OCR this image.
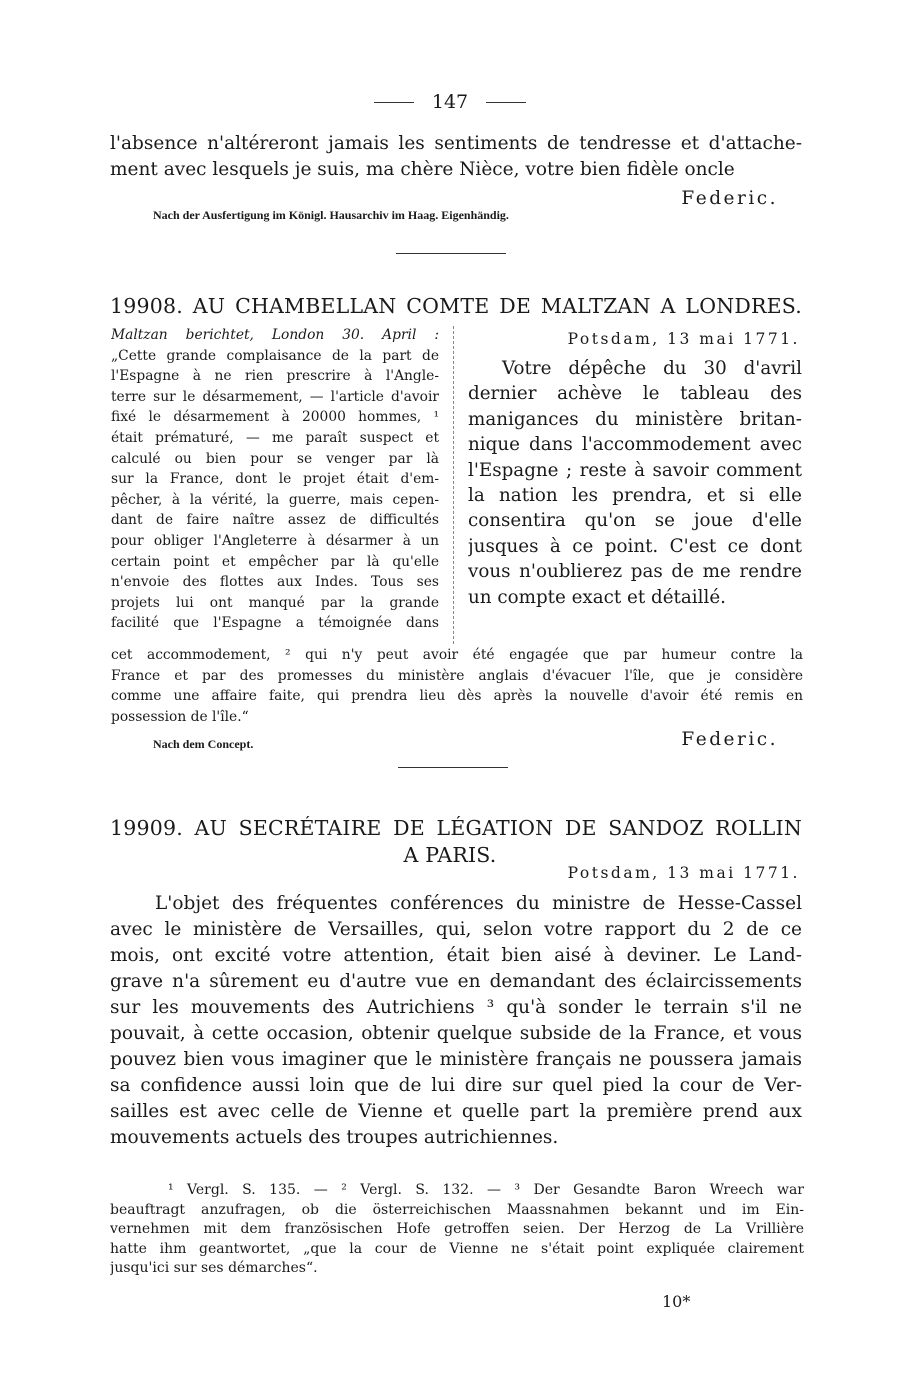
147
l'absence n'altéreront jamais les sentiments de tendresse et d'attache-
ment avec lesquels je suis, ma chère Nièce, votre bien fidèle oncle
Federic.
Nach der Ausfertigung im Königl. Hausarchiv im Haag. Eigenhändig.
19908. AU CHAMBELLAN COMTE DE MALTZAN A LONDRES.
Maltzan berichtet, London 30. April :
„Cette grande complaisance de la part de
l'Espagne à ne rien prescrire à l'Angle-
terre sur le désarmement, — l'article d'avoir
fixé le désarmement à 20000 hommes, ¹
était prématuré, — me paraît suspect et
calculé ou bien pour se venger par là
sur la France, dont le projet était d'em-
pêcher, à la vérité, la guerre, mais cepen-
dant de faire naître assez de difficultés
pour obliger l'Angleterre à désarmer à un
certain point et empêcher par là qu'elle
n'envoie des flottes aux Indes. Tous ses
projets lui ont manqué par la grande
facilité que l'Espagne a témoignée dans
Potsdam, 13 mai 1771.
Votre dépêche du 30 d'avril
dernier achève le tableau des
manigances du ministère britan-
nique dans l'accommodement avec
l'Espagne ; reste à savoir comment
la nation les prendra, et si elle
consentira qu'on se joue d'elle
jusques à ce point. C'est ce dont
vous n'oublierez pas de me rendre
un compte exact et détaillé.
cet accommodement, ² qui n'y peut avoir été engagée que par humeur contre la
France et par des promesses du ministère anglais d'évacuer l'île, que je considère
comme une affaire faite, qui prendra lieu dès après la nouvelle d'avoir été remis en
possession de l'île.“
Nach dem Concept.	Federic.
19909. AU SECRÉTAIRE DE LÉGATION DE SANDOZ ROLLIN
A PARIS.
Potsdam, 13 mai 1771.
L'objet des fréquentes conférences du ministre de Hesse-Cassel
avec le ministère de Versailles, qui, selon votre rapport du 2 de ce
mois, ont excité votre attention, était bien aisé à deviner. Le Land-
grave n'a sûrement eu d'autre vue en demandant des éclaircissements
sur les mouvements des Autrichiens ³ qu'à sonder le terrain s'il ne
pouvait, à cette occasion, obtenir quelque subside de la France, et vous
pouvez bien vous imaginer que le ministère français ne poussera jamais
sa confidence aussi loin que de lui dire sur quel pied la cour de Ver-
sailles est avec celle de Vienne et quelle part la première prend aux
mouvements actuels des troupes autrichiennes.
¹ Vergl. S. 135. — ² Vergl. S. 132. — ³ Der Gesandte Baron Wreech war
beauftragt anzufragen, ob die österreichischen Maassnahmen bekannt und im Ein-
vernehmen mit dem französischen Hofe getroffen seien. Der Herzog de La Vrillière
hatte ihm geantwortet, „que la cour de Vienne ne s'était point expliquée clairement
jusqu'ici sur ses démarches“.
10*
